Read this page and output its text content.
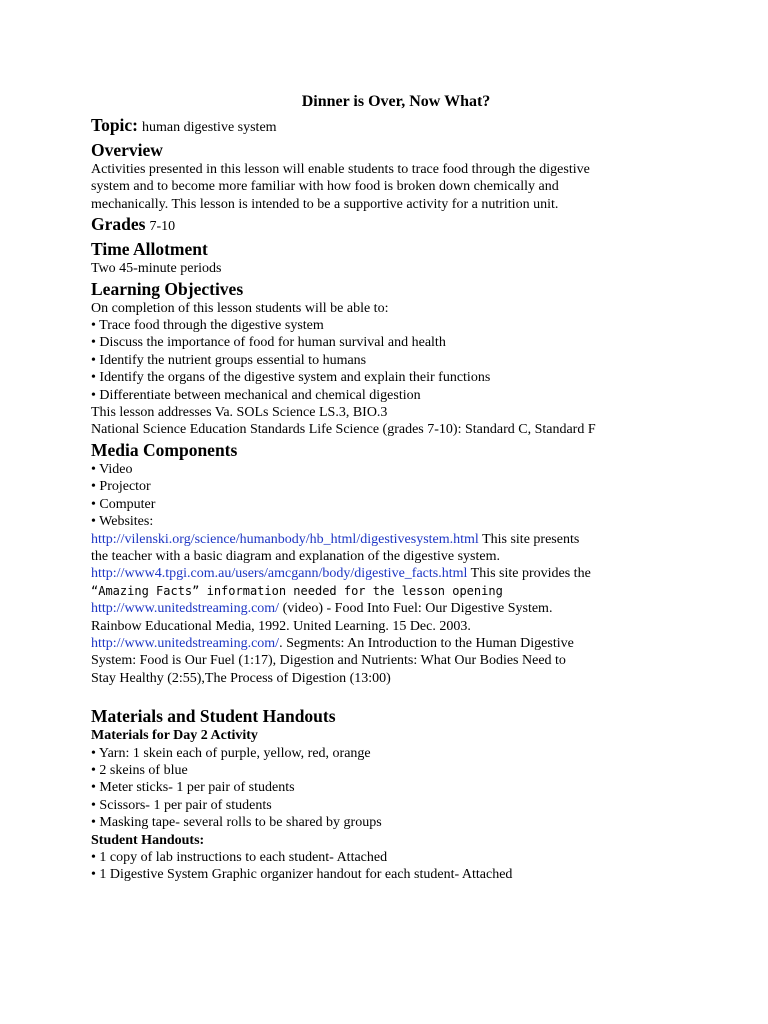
Dinner is Over, Now What?

Topic: human digestive system

Overview

Activities presented in this lesson will enable students to trace food through the digestive

system and to become more familiar with how food is broken down chemically and

mechanically. This lesson is intended to be a supportive activity for a nutrition unit.

Grades 7-10

Time Allotment

Two 45-minute periods

Learning Objectives

On completion of this lesson students will be able to:

• Trace food through the digestive system

• Discuss the importance of food for human survival and health

• Identify the nutrient groups essential to humans

• Identify the organs of the digestive system and explain their functions

• Differentiate between mechanical and chemical digestion

This lesson addresses Va. SOLs Science LS.3, BIO.3

National Science Education Standards Life Science (grades 7-10): Standard C, Standard F

Media Components

• Video

• Projector

• Computer

• Websites:

http://vilenski.org/science/humanbody/hb_html/digestivesystem.html This site presents

the teacher with a basic diagram and explanation of the digestive system.

http://www4.tpgi.com.au/users/amcgann/body/digestive_facts.html This site provides the

“Amazing Facts” information needed for the lesson opening

http://www.unitedstreaming.com/ (video) - Food Into Fuel: Our Digestive System.

Rainbow Educational Media, 1992. United Learning. 15 Dec. 2003.

http://www.unitedstreaming.com/. Segments: An Introduction to the Human Digestive

System: Food is Our Fuel (1:17), Digestion and Nutrients: What Our Bodies Need to

Stay Healthy (2:55),The Process of Digestion (13:00)

Materials and Student Handouts

Materials for Day 2 Activity

• Yarn: 1 skein each of purple, yellow, red, orange

• 2 skeins of blue

• Meter sticks- 1 per pair of students

• Scissors- 1 per pair of students

• Masking tape- several rolls to be shared by groups

Student Handouts:

• 1 copy of lab instructions to each student- Attached

• 1 Digestive System Graphic organizer handout for each student- Attached
